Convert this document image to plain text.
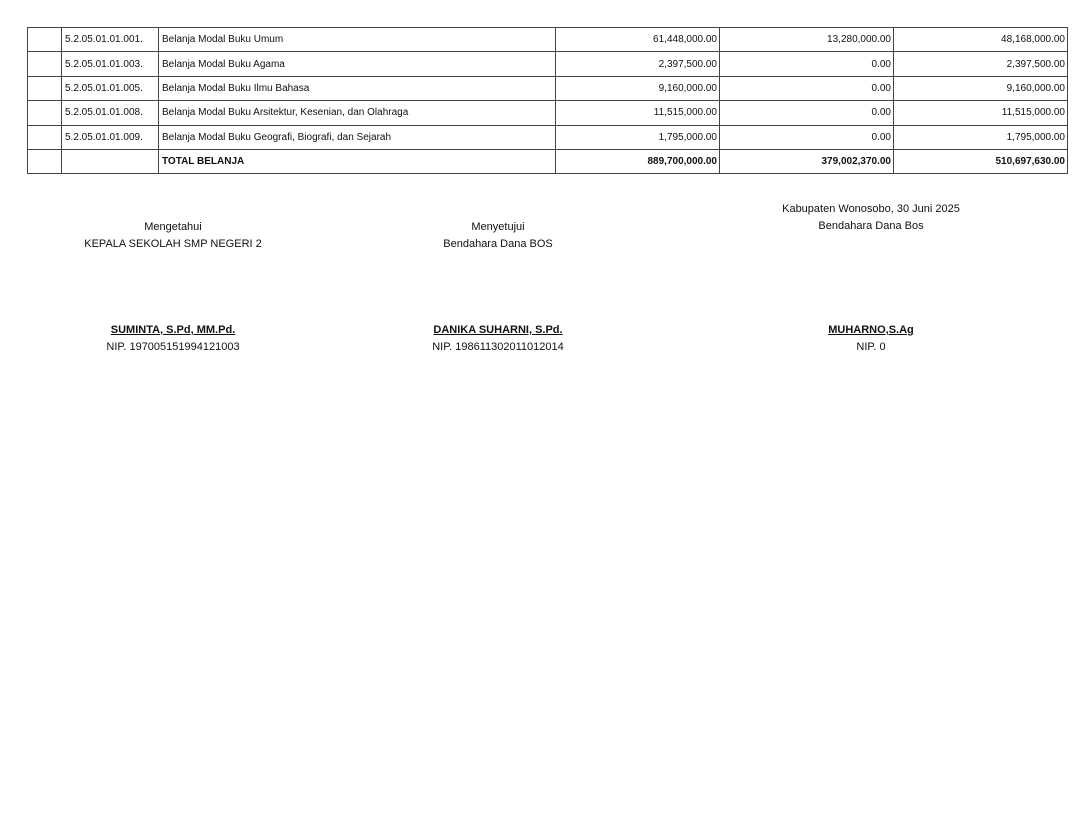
	5.2.05.01.01.001.	Belanja Modal Buku Umum	61,448,000.00	13,280,000.00	48,168,000.00
	5.2.05.01.01.003.	Belanja Modal Buku Agama	2,397,500.00	0.00	2,397,500.00
	5.2.05.01.01.005.	Belanja Modal Buku Ilmu Bahasa	9,160,000.00	0.00	9,160,000.00
	5.2.05.01.01.008.	Belanja Modal Buku Arsitektur, Kesenian, dan Olahraga	11,515,000.00	0.00	11,515,000.00
	5.2.05.01.01.009.	Belanja Modal Buku Geografi, Biografi, dan Sejarah	1,795,000.00	0.00	1,795,000.00
		TOTAL BELANJA	889,700,000.00	379,002,370.00	510,697,630.00
Mengetahui
KEPALA SEKOLAH SMP NEGERI 2
SUMINTA, S.Pd, MM.Pd.
NIP. 197005151994121003
Menyetujui
Bendahara Dana BOS
DANIKA SUHARNI, S.Pd.
NIP. 198611302011012014
Kabupaten Wonosobo, 30 Juni 2025
Bendahara Dana Bos
MUHARNO,S.Ag
NIP. 0
